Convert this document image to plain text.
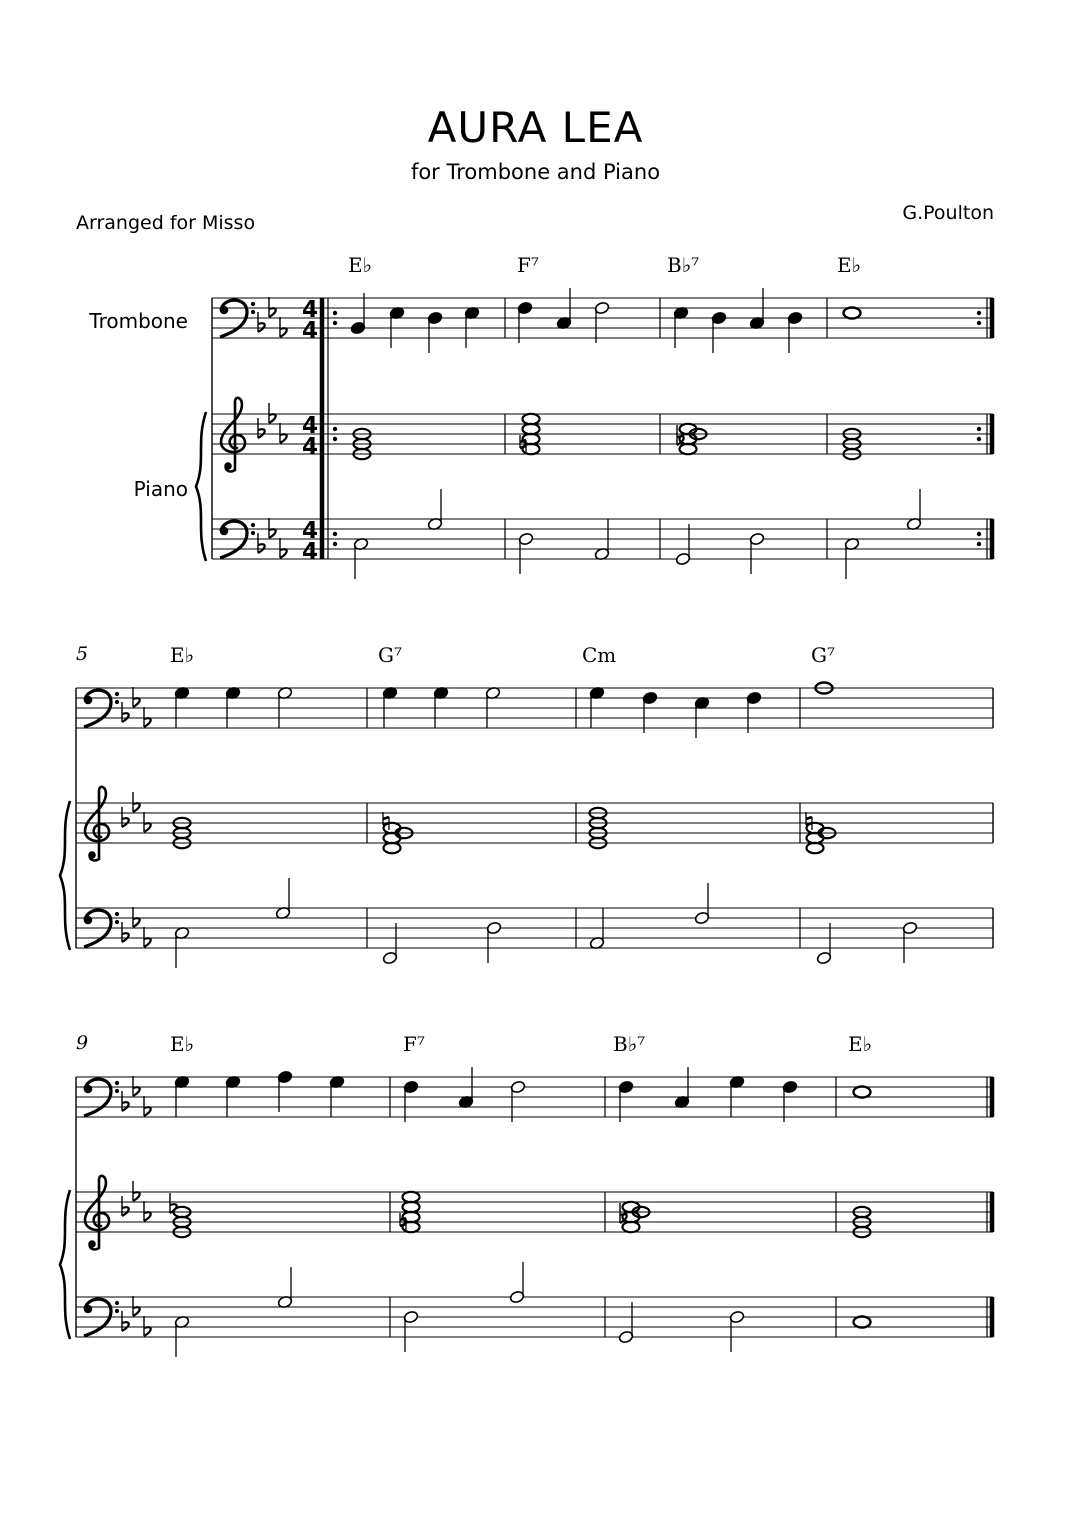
AURA LEA
for Trombone and Piano
Arranged for Misso	G.Poulton
4
4
4
4
4
4
E♭	F⁷	B♭⁷	E♭
5	E♭	G⁷	Cm	G⁷
9	E♭	F⁷	B♭⁷	E♭
Trombone
Piano
